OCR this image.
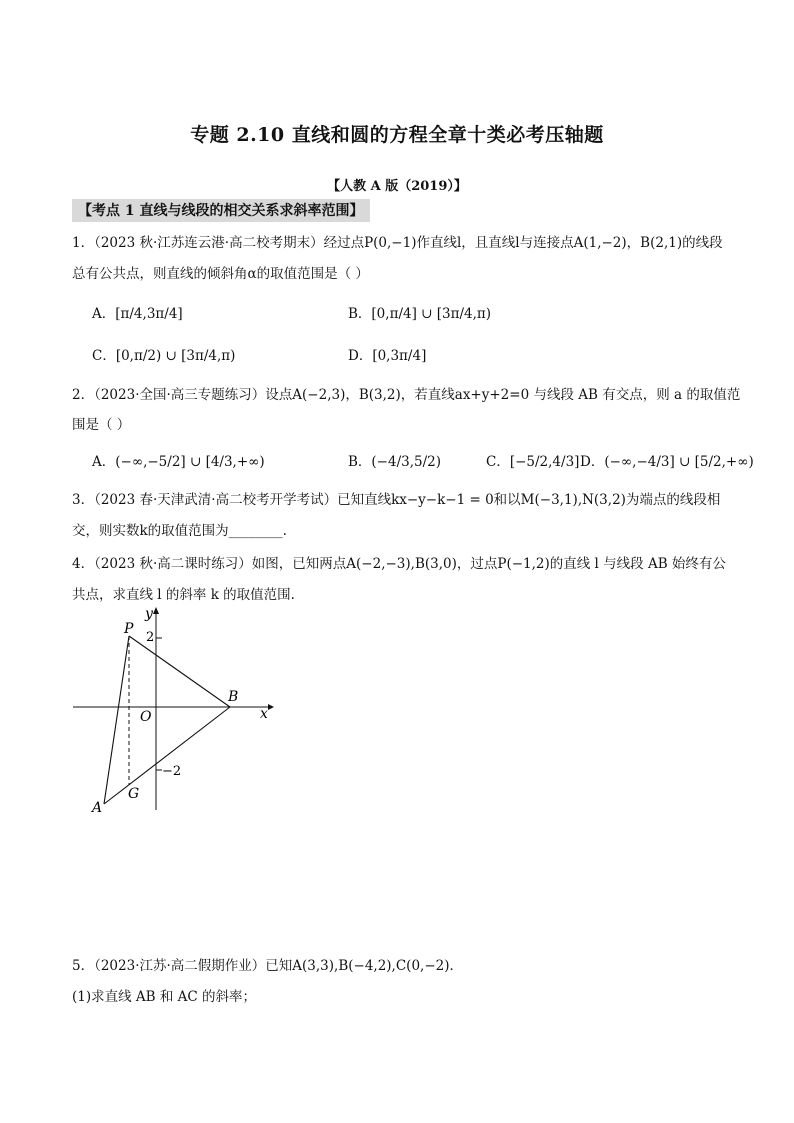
专题 2.10 直线和圆的方程全章十类必考压轴题
【人教 A 版（2019）】
【考点 1 直线与线段的相交关系求斜率范围】
1．（2023 秋·江苏连云港·高二校考期末）经过点P(0,−1)作直线l，且直线l与连接点A(1,−2)，B(2,1)的线段
总有公共点，则直线的倾斜角α的取值范围是（ ）
A．[π/4,3π/4]	B．[0,π/4] ∪ [3π/4,π)
C．[0,π/2) ∪ [3π/4,π)	D．[0,3π/4]
2．（2023·全国·高三专题练习）设点A(−2,3)，B(3,2)，若直线ax+y+2=0 与线段 AB 有交点，则 a 的取值范
围是（ ）
A．(−∞,−5/2] ∪ [4/3,+∞)	B．(−4/3,5/2)	C．[−5/2,4/3] D．(−∞,−4/3] ∪ [5/2,+∞)
3．（2023 春·天津武清·高二校考开学考试）已知直线kx−y−k−1 = 0和以M(−3,1),N(3,2)为端点的线段相
交，则实数k的取值范围为________.
4．（2023 秋·高二课时练习）如图，已知两点A(−2,−3),B(3,0)，过点P(−1,2)的直线 l 与线段 AB 始终有公
共点，求直线 l 的斜率 k 的取值范围.
y
x
P
2
B
O
−2
A
G
5．（2023·江苏·高二假期作业）已知A(3,3),B(−4,2),C(0,−2)．
(1)求直线 AB 和 AC 的斜率；
